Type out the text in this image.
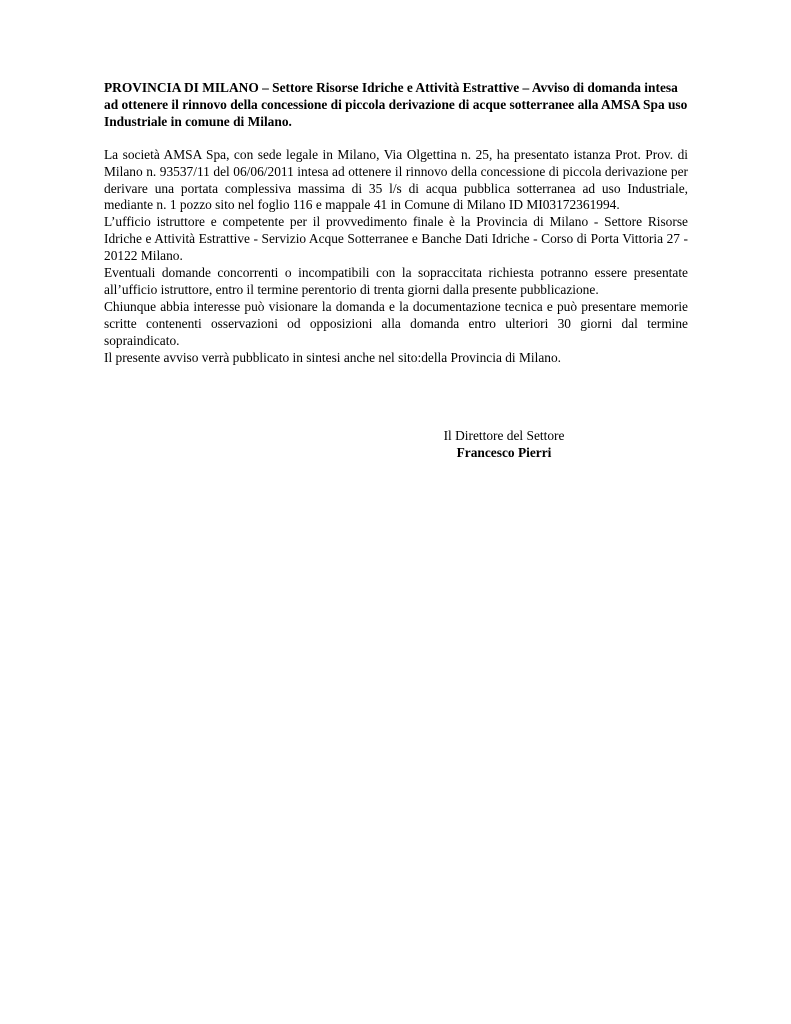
PROVINCIA DI MILANO – Settore Risorse Idriche e Attività Estrattive – Avviso di domanda intesa ad ottenere il rinnovo della concessione di piccola derivazione di acque sotterranee alla AMSA Spa uso Industriale in comune di Milano.

La società AMSA Spa, con sede legale in Milano, Via Olgettina n. 25, ha presentato istanza Prot. Prov. di Milano n. 93537/11 del 06/06/2011 intesa ad ottenere il rinnovo della concessione di piccola derivazione per derivare una portata complessiva massima di 35 l/s di acqua pubblica sotterranea ad uso Industriale, mediante n. 1 pozzo sito nel foglio 116 e mappale 41 in Comune di Milano ID MI03172361994.

L’ufficio istruttore e competente per il provvedimento finale è la Provincia di Milano - Settore Risorse Idriche e Attività Estrattive - Servizio Acque Sotterranee e Banche Dati Idriche - Corso di Porta Vittoria 27 - 20122 Milano.

Eventuali domande concorrenti o incompatibili con la sopraccitata richiesta potranno essere presentate all’ufficio istruttore, entro il termine perentorio di trenta giorni dalla presente pubblicazione.

Chiunque abbia interesse può visionare la domanda e la documentazione tecnica e può presentare memorie scritte contenenti osservazioni od opposizioni alla domanda entro ulteriori 30 giorni dal termine sopraindicato.

Il presente avviso verrà pubblicato in sintesi anche nel sito:della Provincia di Milano.

Il Direttore del Settore

Francesco Pierri
